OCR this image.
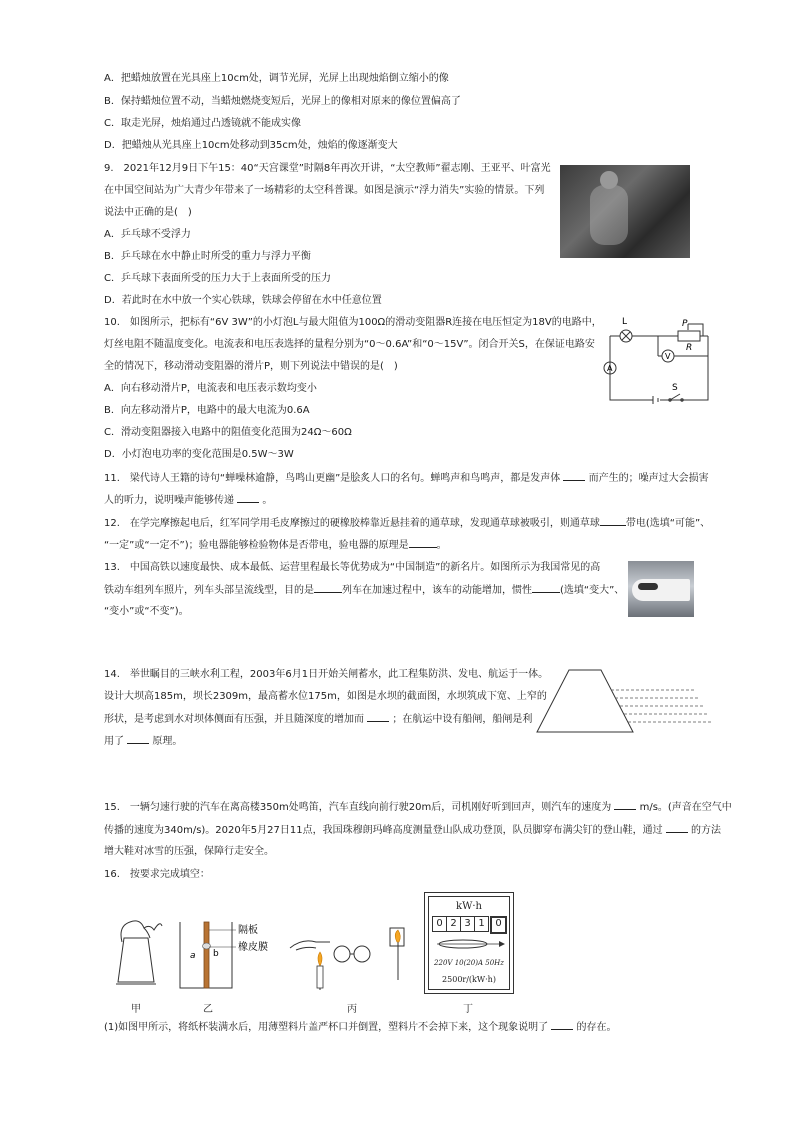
A．把蜡烛放置在光具座上10cm处，调节光屏，光屏上出现烛焰倒立缩小的像
B．保持蜡烛位置不动，当蜡烛燃烧变短后，光屏上的像相对原来的像位置偏高了
C．取走光屏，烛焰通过凸透镜就不能成实像
D．把蜡烛从光具座上10cm处移动到35cm处，烛焰的像逐渐变大
9.　2021年12月9日下午15：40“天宫课堂”时隔8年再次开讲，“太空教师”翟志刚、王亚平、叶富光
在中国空间站为广大青少年带来了一场精彩的太空科普课。如图是演示“浮力消失”实验的情景。下列
说法中正确的是(　)
A．乒乓球不受浮力
B．乒乓球在水中静止时所受的重力与浮力平衡
C．乒乓球下表面所受的压力大于上表面所受的压力
D．若此时在水中放一个实心铁球，铁球会停留在水中任意位置
10.　如图所示，把标有“6V 3W”的小灯泡L与最大阻值为100Ω的滑动变阻器R连接在电压恒定为18V的电路中，
灯丝电阻不随温度变化。电流表和电压表选择的量程分别为“0～0.6A”和“0～15V”。闭合开关S，在保证电路安
全的情况下，移动滑动变阻器的滑片P，则下列说法中错误的是(　)
A．向右移动滑片P，电流表和电压表示数均变小
B．向左移动滑片P，电路中的最大电流为0.6A
C．滑动变阻器接入电路中的阻值变化范围为24Ω～60Ω
D．小灯泡电功率的变化范围是0.5W～3W
L	P
R
V
A
S
11.　梁代诗人王籍的诗句“蝉噪林逾静，鸟鸣山更幽”是脍炙人口的名句。蝉鸣声和鸟鸣声，都是发声体	而产生的；噪声过大会损害
人的听力，说明噪声能够传递	。
12.　在学完摩擦起电后，红军同学用毛皮摩擦过的硬橡胶棒靠近悬挂着的通草球，发现通草球被吸引，则通草球	带电(选填“可能”、
“一定”或“一定不”)；验电器能够检验物体是否带电，验电器的原理是	。
13.　中国高铁以速度最快、成本最低、运营里程最长等优势成为“中国制造”的新名片。如图所示为我国常见的高
铁动车组列车照片，列车头部呈流线型，目的是	列车在加速过程中，该车的动能增加，惯性	(选填“变大”、
“变小”或“不变”)。
14.　举世瞩目的三峡水利工程，2003年6月1日开始关闸蓄水，此工程集防洪、发电、航运于一体。
设计大坝高185m，坝长2309m，最高蓄水位175m，如图是水坝的截面图，水坝筑成下宽、上窄的
形状，是考虑到水对坝体侧面有压强，并且随深度的增加而	；在航运中设有船闸，船闸是利
用了	原理。
15.　一辆匀速行驶的汽车在离高楼350m处鸣笛，汽车直线向前行驶20m后，司机刚好听到回声，则汽车的速度为	m/s。(声音在空气中
传播的速度为340m/s)。2020年5月27日11点，我国珠穆朗玛峰高度测量登山队成功登顶，队员脚穿布满尖钉的登山鞋，通过	的方法
增大鞋对冰雪的压强，保障行走安全。
16.　按要求完成填空：
甲
隔板
橡皮膜
a b
乙	丙
kW·h
0 2 3 1	0
220V 10(20)A 50Hz
2500r/(kW·h)
丁
(1)如图甲所示，将纸杯装满水后，用薄塑料片盖严杯口并倒置，塑料片不会掉下来，这个现象说明了	的存在。
